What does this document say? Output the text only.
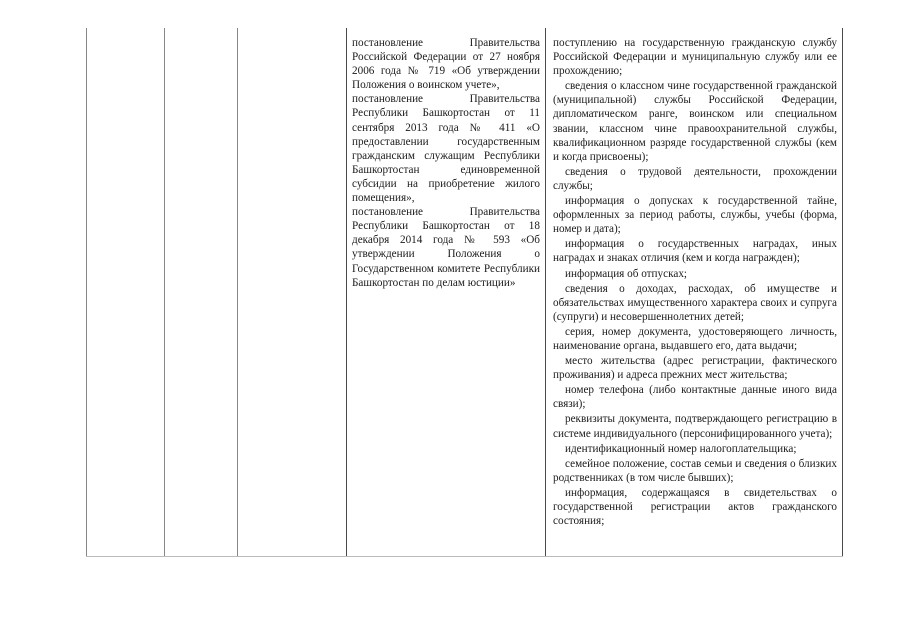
постановление Правительства Российской Федерации от 27 ноября 2006 года № 719 «Об утверждении Положения о воинском учете»,

постановление Правительства Республики Башкортостан от 11 сентября 2013 года № 411 «О предоставлении государственным гражданским служащим Республики Башкортостан единовременной субсидии на приобретение жилого помещения»,

постановление Правительства Республики Башкортостан от 18 декабря 2014 года № 593 «Об утверждении Положения о Государственном комитете Республики Башкортостан по делам юстиции»

поступлению на государственную гражданскую службу Российской Федерации и муниципальную службу или ее прохождению;

сведения о классном чине государственной гражданской (муниципальной) службы Российской Федерации, дипломатическом ранге, воинском или специальном звании, классном чине правоохранительной службы, квалификационном разряде государственной службы (кем и когда присвоены);

сведения о трудовой деятельности, прохождении службы;

информация о допусках к государственной тайне, оформленных за период работы, службы, учебы (форма, номер и дата);

информация о государственных наградах, иных наградах и знаках отличия (кем и когда награжден);

информация об отпусках;

сведения о доходах, расходах, об имуществе и обязательствах имущественного характера своих и супруга (супруги) и несовершеннолетних детей;

серия, номер документа, удостоверяющего личность, наименование органа, выдавшего его, дата выдачи;

место жительства (адрес регистрации, фактического проживания) и адреса прежних мест жительства;

номер телефона (либо контактные данные иного вида связи);

реквизиты документа, подтверждающего регистрацию в системе индивидуального (персонифицированного учета);

идентификационный номер налогоплательщика;

семейное положение, состав семьи и сведения о близких родственниках (в том числе бывших);

информация, содержащаяся в свидетельствах о государственной регистрации актов гражданского состояния;
